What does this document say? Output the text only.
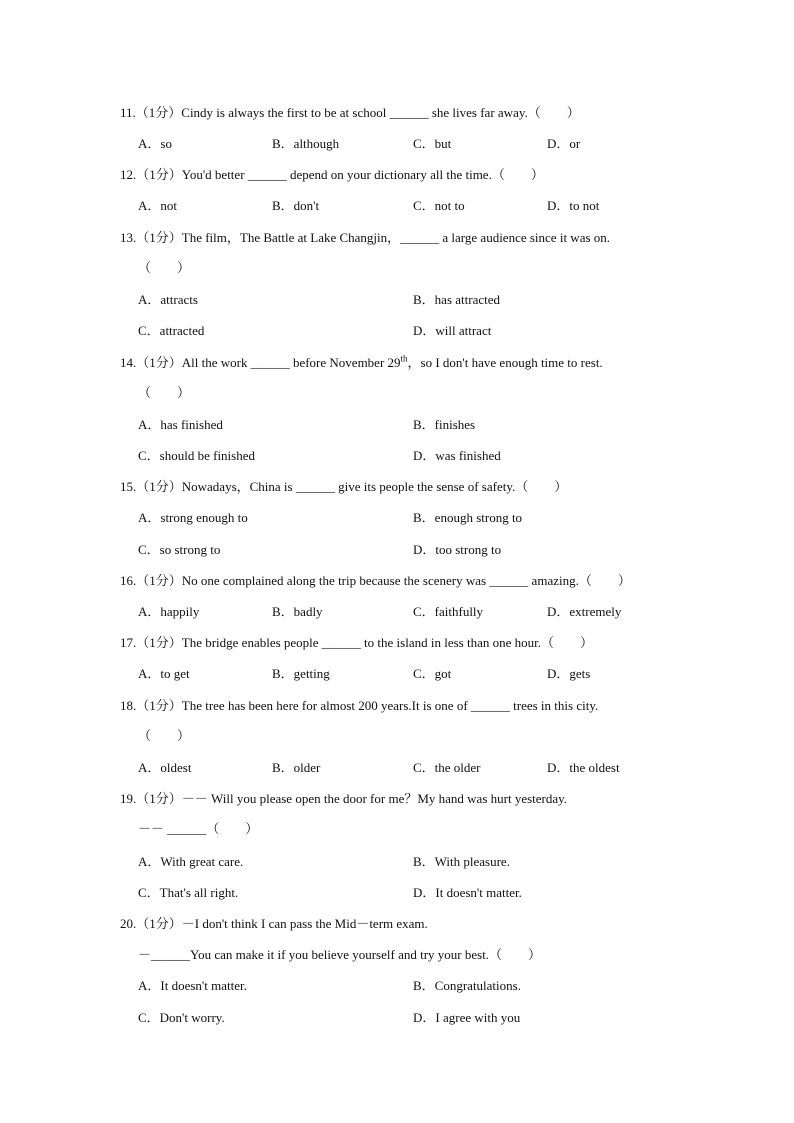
11.（1分）Cindy is always the first to be at school ______ she lives far away.（　　）
A．so	B．although	C．but	D．or
12.（1分）You'd better ______ depend on your dictionary all the time.（　　）
A．not	B．don't	C．not to	D．to not
13.（1分）The film，The Battle at Lake Changjin，______ a large audience since it was on.
（　　）
A．attracts	B．has attracted
C．attracted	D．will attract
14.（1分）All the work ______ before November 29th，so I don't have enough time to rest.
（　　）
A．has finished	B．finishes
C．should be finished	D．was finished
15.（1分）Nowadays，China is ______ give its people the sense of safety.（　　）
A．strong enough to	B．enough strong to
C．so strong to	D．too strong to
16.（1分）No one complained along the trip because the scenery was ______ amazing.（　　）
A．happily	B．badly	C．faithfully	D．extremely
17.（1分）The bridge enables people ______ to the island in less than one hour.（　　）
A．to get	B．getting	C．got	D．gets
18.（1分）The tree has been here for almost 200 years.It is one of ______ trees in this city.
（　　）
A．oldest	B．older	C．the older	D．the oldest
19.（1分）－－ Will you please open the door for me？My hand was hurt yesterday.
－－ ______（　　）
A．With great care.	B．With pleasure.
C．That's all right.	D．It doesn't matter.
20.（1分）－I don't think I can pass the Mid－term exam.
－______You can make it if you believe yourself and try your best.（　　）
A．It doesn't matter.	B．Congratulations.
C．Don't worry.	D．I agree with you
